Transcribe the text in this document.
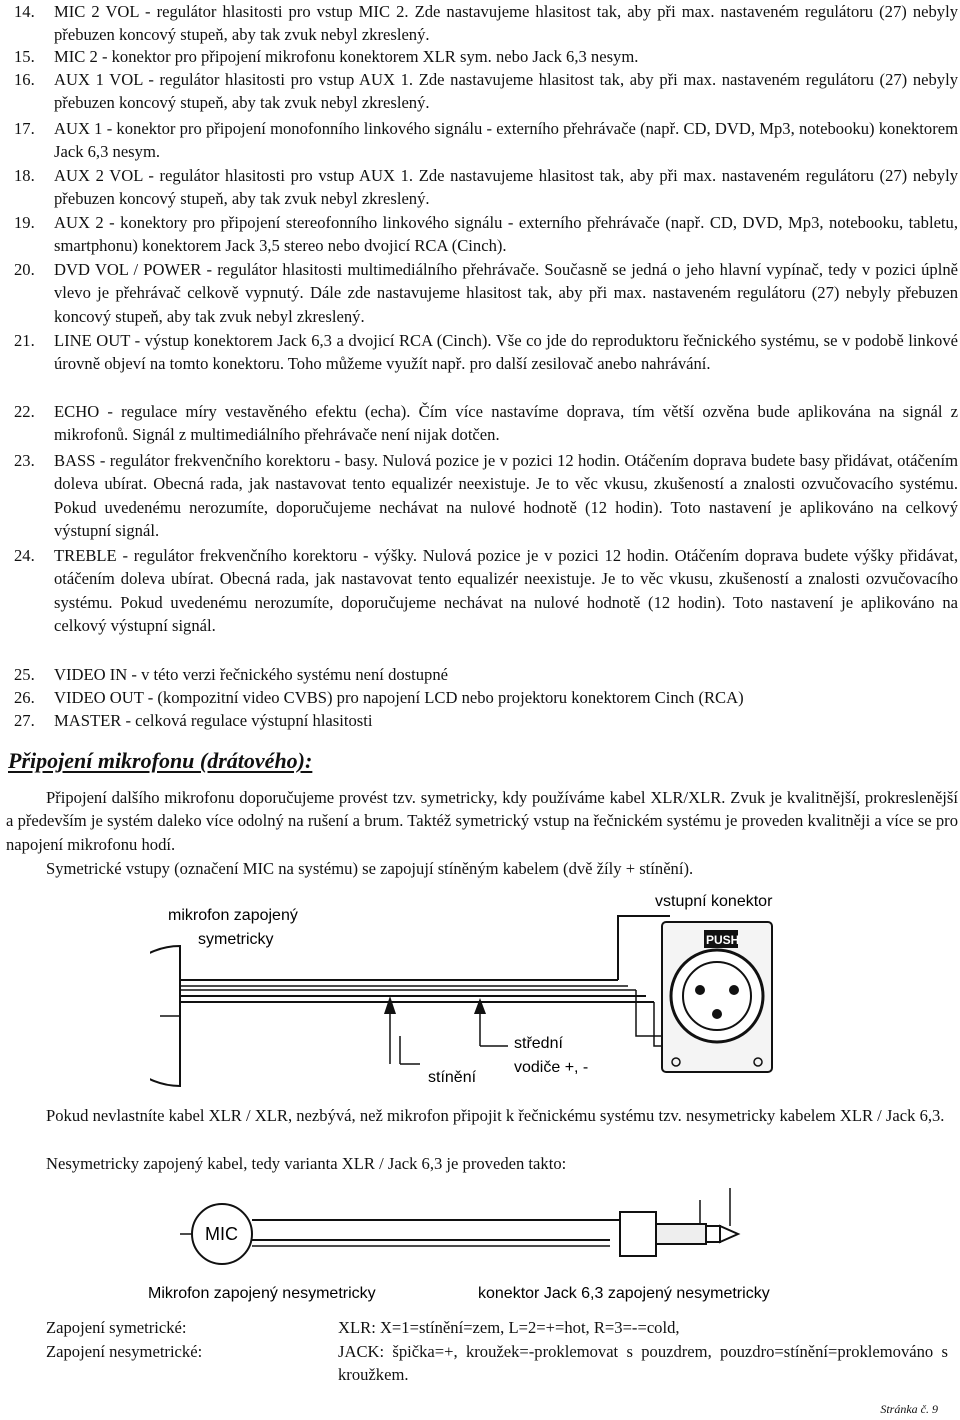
14. MIC 2 VOL - regulátor hlasitosti pro vstup MIC 2. Zde nastavujeme hlasitost tak, aby při max. nastaveném regulátoru (27) nebyly přebuzen koncový stupeň, aby tak zvuk nebyl zkreslený.
15. MIC 2 - konektor pro připojení mikrofonu konektorem XLR sym. nebo Jack 6,3 nesym.
16. AUX 1 VOL - regulátor hlasitosti pro vstup AUX 1. Zde nastavujeme hlasitost tak, aby při max. nastaveném regulátoru (27) nebyly přebuzen koncový stupeň, aby tak zvuk nebyl zkreslený.
17. AUX 1 - konektor pro připojení monofonního linkového signálu - externího přehrávače (např. CD, DVD, Mp3, notebooku) konektorem Jack 6,3 nesym.
18. AUX 2 VOL - regulátor hlasitosti pro vstup AUX 1. Zde nastavujeme hlasitost tak, aby při max. nastaveném regulátoru (27) nebyly přebuzen koncový stupeň, aby tak zvuk nebyl zkreslený.
19. AUX 2 - konektory pro připojení stereofonního linkového signálu - externího přehrávače (např. CD, DVD, Mp3, notebooku, tabletu, smartphonu) konektorem Jack 3,5 stereo nebo dvojicí RCA (Cinch).
20. DVD VOL / POWER - regulátor hlasitosti multimediálního přehrávače. Současně se jedná o jeho hlavní vypínač, tedy v pozici úplně vlevo je přehrávač celkově vypnutý. Dále zde nastavujeme hlasitost tak, aby při max. nastaveném regulátoru (27) nebyly přebuzen koncový stupeň, aby tak zvuk nebyl zkreslený.
21. LINE OUT - výstup konektorem Jack 6,3 a dvojicí RCA (Cinch). Vše co jde do reproduktoru řečnického systému, se v podobě linkové úrovně objeví na tomto konektoru. Toho můžeme využít např. pro další zesilovač anebo nahrávání.
22. ECHO - regulace míry vestavěného efektu (echa). Čím více nastavíme doprava, tím větší ozvěna bude aplikována na signál z mikrofonů. Signál z multimediálního přehrávače není nijak dotčen.
23. BASS - regulátor frekvenčního korektoru - basy. Nulová pozice je v pozici 12 hodin. Otáčením doprava budete basy přidávat, otáčením doleva ubírat. Obecná rada, jak nastavovat tento equalizér neexistuje. Je to věc vkusu, zkušeností a znalosti ozvučovacího systému. Pokud uvedenému nerozumíte, doporučujeme nechávat na nulové hodnotě (12 hodin). Toto nastavení je aplikováno na celkový výstupní signál.
24. TREBLE - regulátor frekvenčního korektoru - výšky. Nulová pozice je v pozici 12 hodin. Otáčením doprava budete výšky přidávat, otáčením doleva ubírat. Obecná rada, jak nastavovat tento equalizér neexistuje. Je to věc vkusu, zkušeností a znalosti ozvučovacího systému. Pokud uvedenému nerozumíte, doporučujeme nechávat na nulové hodnotě (12 hodin). Toto nastavení je aplikováno na celkový výstupní signál.
25. VIDEO IN - v této verzi řečnického systému není dostupné
26. VIDEO OUT - (kompozitní video CVBS) pro napojení LCD nebo projektoru konektorem Cinch (RCA)
27. MASTER - celková regulace výstupní hlasitosti
Připojení mikrofonu (drátového):
Připojení dalšího mikrofonu doporučujeme provést tzv. symetricky, kdy používáme kabel XLR/XLR. Zvuk je kvalitnější, prokreslenější a především je systém daleko více odolný na rušení a brum. Taktéž symetrický vstup na řečnickém systému je proveden kvalitněji a více se pro napojení mikrofonu hodí.
Symetrické vstupy (označení MIC na systému) se zapojují stíněným kabelem (dvě žíly + stínění).
mikrofon zapojený
symetricky
vstupní konektor
PUSH
stínění
střední
vodiče +, -
Pokud nevlastníte kabel XLR / XLR, nezbývá, než mikrofon připojit k řečnickému systému tzv. nesymetricky kabelem XLR / Jack 6,3.
Nesymetricky zapojený kabel, tedy varianta XLR / Jack 6,3 je proveden takto:
MIC
Mikrofon zapojený nesymetricky	konektor Jack 6,3 zapojený nesymetricky
Zapojení symetrické:	XLR: X=1=stínění=zem, L=2=+=hot, R=3=-=cold,
Zapojení nesymetrické:	JACK: špička=+, kroužek=-proklemovat s pouzdrem, pouzdro=stínění=proklemováno s kroužkem.
Stránka č. 9
